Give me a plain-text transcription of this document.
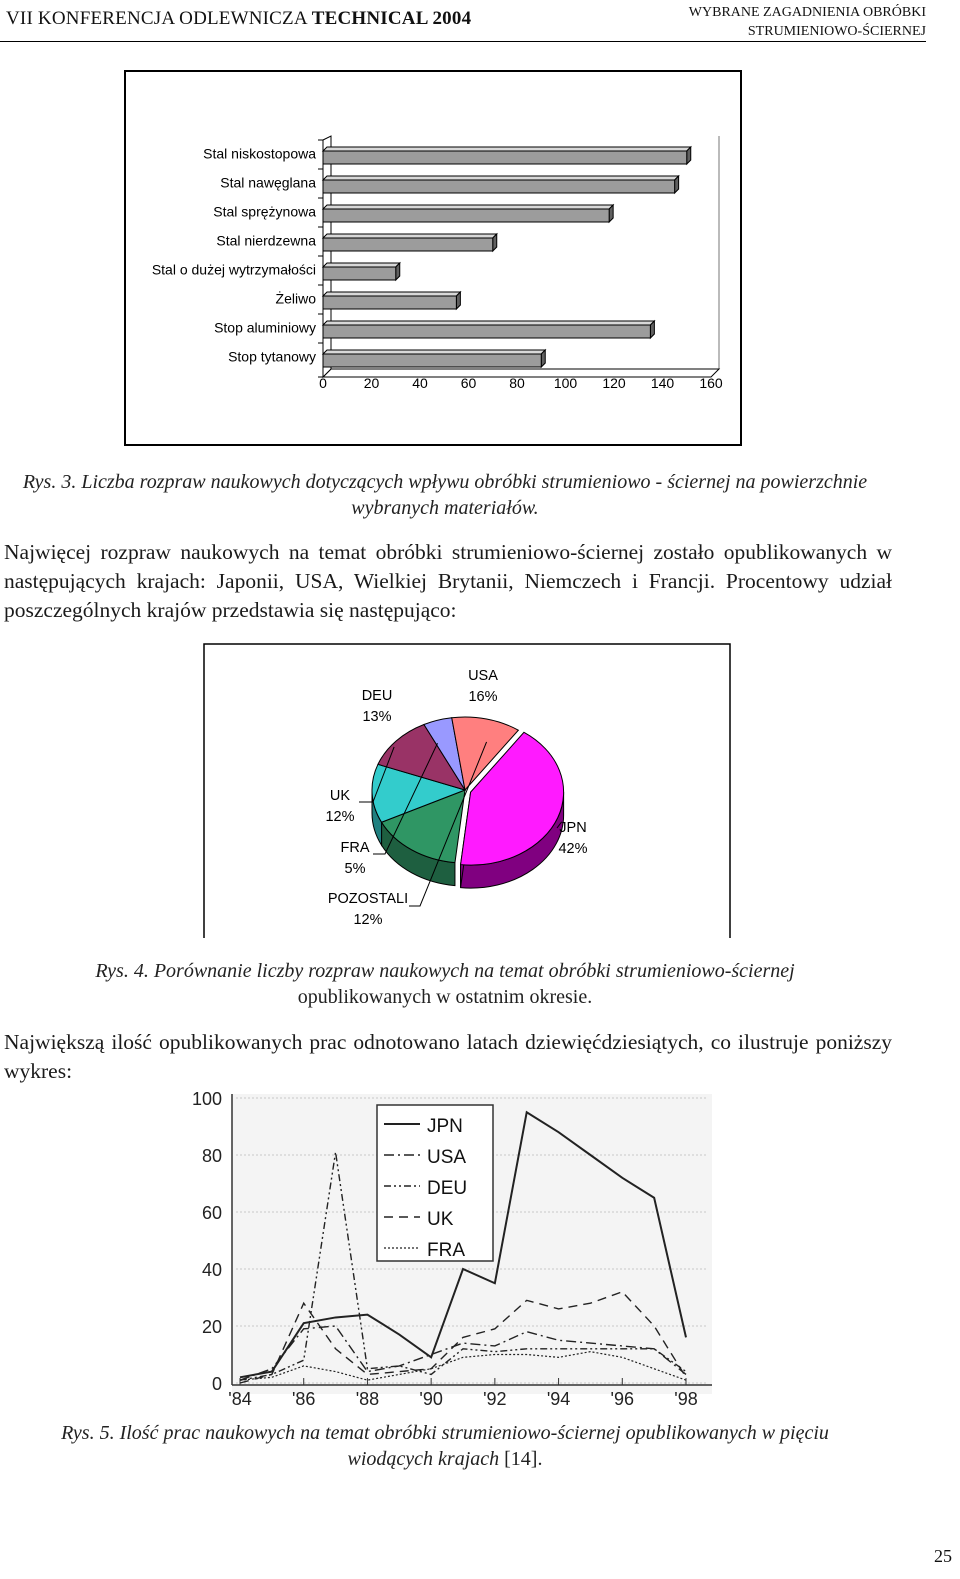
VII KONFERENCJA ODLEWNICZA TECHNICAL 2004	WYBRANE ZAGADNIENIA OBRÓBKI
STRUMIENIOWO-ŚCIERNEJ
Stal niskostopowa
Stal nawęglana
Stal sprężynowa
Stal nierdzewna
Stal o dużej wytrzymałości
Żeliwo
Stop aluminiowy
Stop tytanowy
0	20 40 60 80 100 120 140 160
Rys. 3. Liczba rozpraw naukowych dotyczących wpływu obróbki strumieniowo - ściernej na powierzchnie wybranych materiałów.
Najwięcej rozpraw naukowych na temat obróbki strumieniowo-ściernej zostało opublikowanych w następujących krajach: Japonii, USA, Wielkiej Brytanii, Niemczech i Francji. Procentowy udział poszczególnych krajów przedstawia się następująco:
JPN
42%
USA
16%
DEU
13%
UK
12%
FRA
5%
POZOSTALI
12%
Rys. 4. Porównanie liczby rozpraw naukowych na temat obróbki strumieniowo-ściernej
opublikowanych w ostatnim okresie.
Największą ilość opublikowanych prac odnotowano latach dziewięćdziesiątych, co ilustruje poniższy wykres:
JPN
USA
DEU
UK
FRA
0
20
40
60
80
100
'84 '86 '88 '90 '92 '94 '96 '98
Rys. 5. Ilość prac naukowych na temat obróbki strumieniowo-ściernej opublikowanych w pięciu
wiodących krajach [14].
25
